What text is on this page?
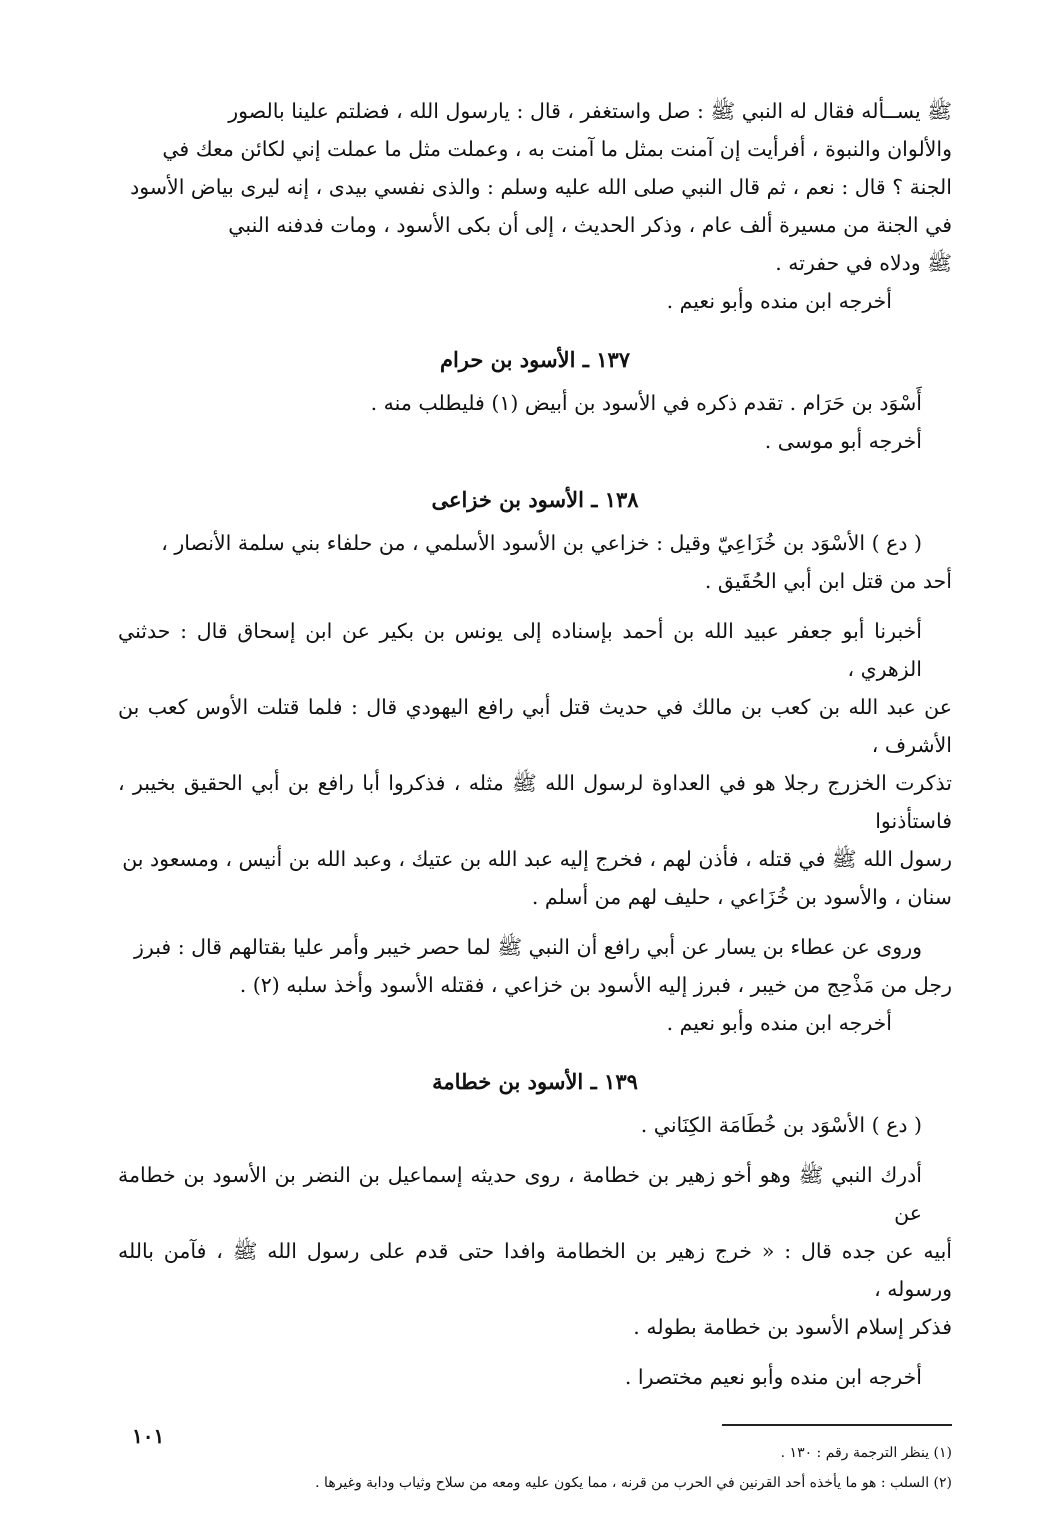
ﷺ يســأله فقال له النبي ﷺ : صل واستغفر ، قال : يارسول الله ، فضلتم علينا بالصور

والألوان والنبوة ، أفرأيت إن آمنت بمثل ما آمنت به ، وعملت مثل ما عملت إني لكائن معك في

الجنة ؟ قال : نعم ، ثم قال النبي صلى الله عليه وسلم : والذى نفسي بيدى ، إنه ليرى بياض الأسود

في الجنة من مسيرة ألف عام ، وذكر الحديث ، إلى أن بكى الأسود ، ومات فدفنه النبي

ﷺ ودلاه في حفرته .

أخرجه ابن منده وأبو نعيم .

١٣٧ ـ الأسود بن حرام

أَسْوَد بن حَرَام . تقدم ذكره في الأسود بن أبيض (١) فليطلب منه .

أخرجه أبو موسى .

١٣٨ ـ الأسود بن خزاعى

( دع ) الأسْوَد بن خُزَاعِيّ وقيل : خزاعي بن الأسود الأسلمي ، من حلفاء بني سلمة الأنصار ،

أحد من قتل ابن أبي الحُقَيق .

أخبرنا أبو جعفر عبيد الله بن أحمد بإسناده إلى يونس بن بكير عن ابن إسحاق قال : حدثني الزهري ،

عن عبد الله بن كعب بن مالك في حديث قتل أبي رافع اليهودي قال : فلما قتلت الأوس كعب بن الأشرف ،

تذكرت الخزرج رجلا هو في العداوة لرسول الله ﷺ مثله ، فذكروا أبا رافع بن أبي الحقيق بخيبر ، فاستأذنوا

رسول الله ﷺ في قتله ، فأذن لهم ، فخرج إليه عبد الله بن عتيك ، وعبد الله بن أنيس ، ومسعود بن

سنان ، والأسود بن خُزَاعي ، حليف لهم من أسلم .

وروى عن عطاء بن يسار عن أبي رافع أن النبي ﷺ لما حصر خيبر وأمر عليا بقتالهم قال : فبرز

رجل من مَذْحِج من خيبر ، فبرز إليه الأسود بن خزاعي ، فقتله الأسود وأخذ سلبه (٢) .

أخرجه ابن منده وأبو نعيم .

١٣٩ ـ الأسود بن خطامة

( دع ) الأسْوَد بن خُطَامَة الكِنَاني .

أدرك النبي ﷺ وهو أخو زهير بن خطامة ، روى حديثه إسماعيل بن النضر بن الأسود بن خطامة عن

أبيه عن جده قال : « خرج زهير بن الخطامة وافدا حتى قدم على رسول الله ﷺ ، فآمن بالله ورسوله ،

فذكر إسلام الأسود بن خطامة بطوله .

أخرجه ابن منده وأبو نعيم مختصرا .

(١) ينظر الترجمة رقم : ١٣٠ .

(٢) السلب : هو ما يأخذه أحد القرنين في الحرب من قرنه ، مما يكون عليه ومعه من سلاح وثياب ودابة وغيرها .

١٠١
